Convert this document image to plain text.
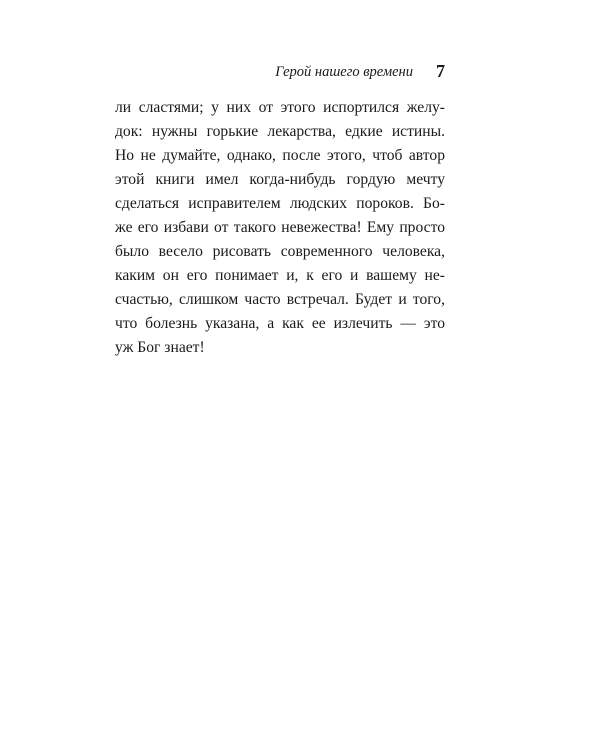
Герой нашего времени 7
ли сластями; у них от этого испортился желу-
док: нужны горькие лекарства, едкие истины.
Но не думайте, однако, после этого, чтоб автор
этой книги имел когда-нибудь гордую мечту
сделаться исправителем людских пороков. Бо-
же его избави от такого невежества! Ему просто
было весело рисовать современного человека,
каким он его понимает и, к его и вашему не-
счастью, слишком часто встречал. Будет и того,
что болезнь указана, а как ее излечить — это
уж Бог знает!
